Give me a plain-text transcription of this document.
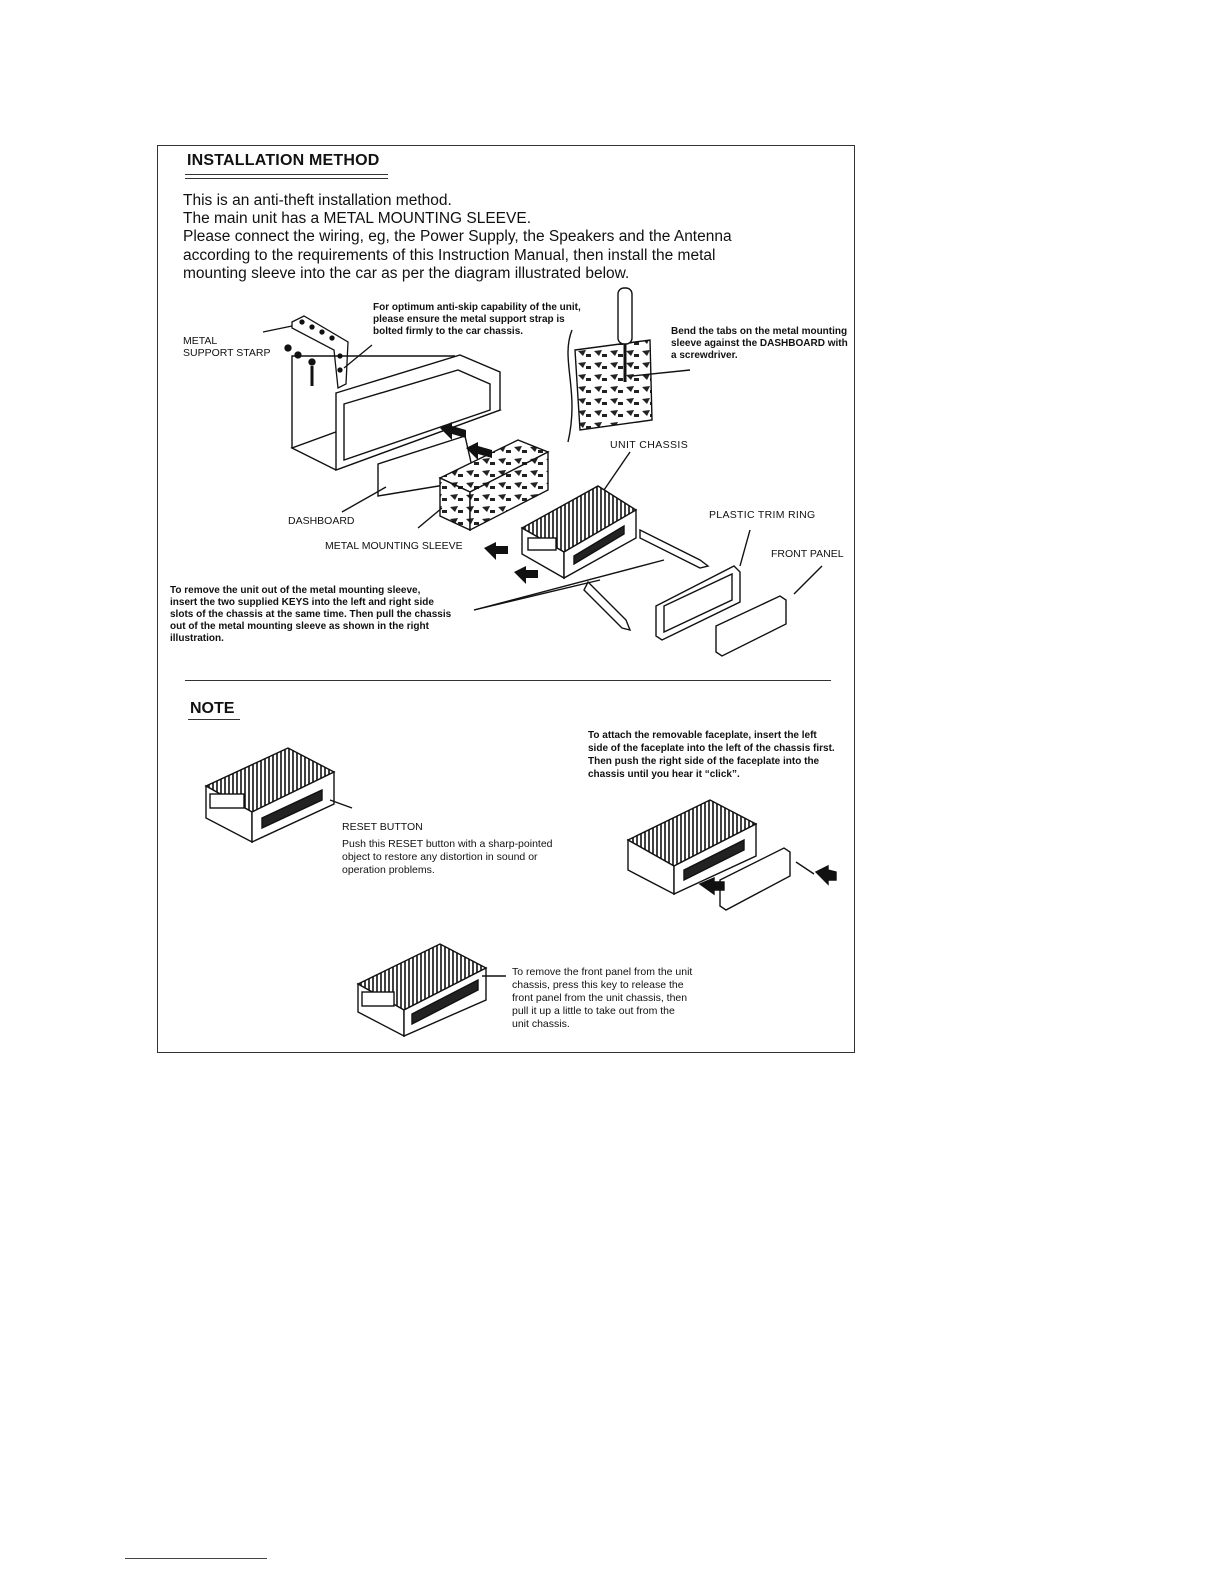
INSTALLATION METHOD
This is an anti-theft installation method.
The main unit has a METAL MOUNTING SLEEVE.
Please connect the wiring, eg, the Power Supply, the Speakers and the Antenna
according to the requirements of this Instruction Manual, then install the metal
mounting sleeve into the car as per the diagram illustrated below.
METAL
SUPPORT STARP
For optimum anti-skip capability of the unit,
please ensure the metal support strap is
bolted firmly to the car chassis.	Bend the tabs on the metal mounting
sleeve against the DASHBOARD with
a screwdriver.
UNIT CHASSIS
DASHBOARD
METAL MOUNTING SLEEVE
PLASTIC TRIM RING
FRONT PANEL
To remove the unit out of the metal mounting sleeve,
insert the two supplied KEYS into the left and right side
slots of the chassis at the same time. Then pull the chassis
out of the metal mounting sleeve as shown in the right
illustration.
NOTE
To attach the removable faceplate, insert the left
side of the faceplate into the left of the chassis first.
Then push the right side of the faceplate into the
chassis until you hear it “click”.
RESET BUTTON
Push this RESET button with a sharp-pointed
object to restore any distortion in sound or
operation problems.
To remove the front panel from the unit
chassis, press this key to release the
front panel from the unit chassis, then
pull it up a little to take out from the
unit chassis.
